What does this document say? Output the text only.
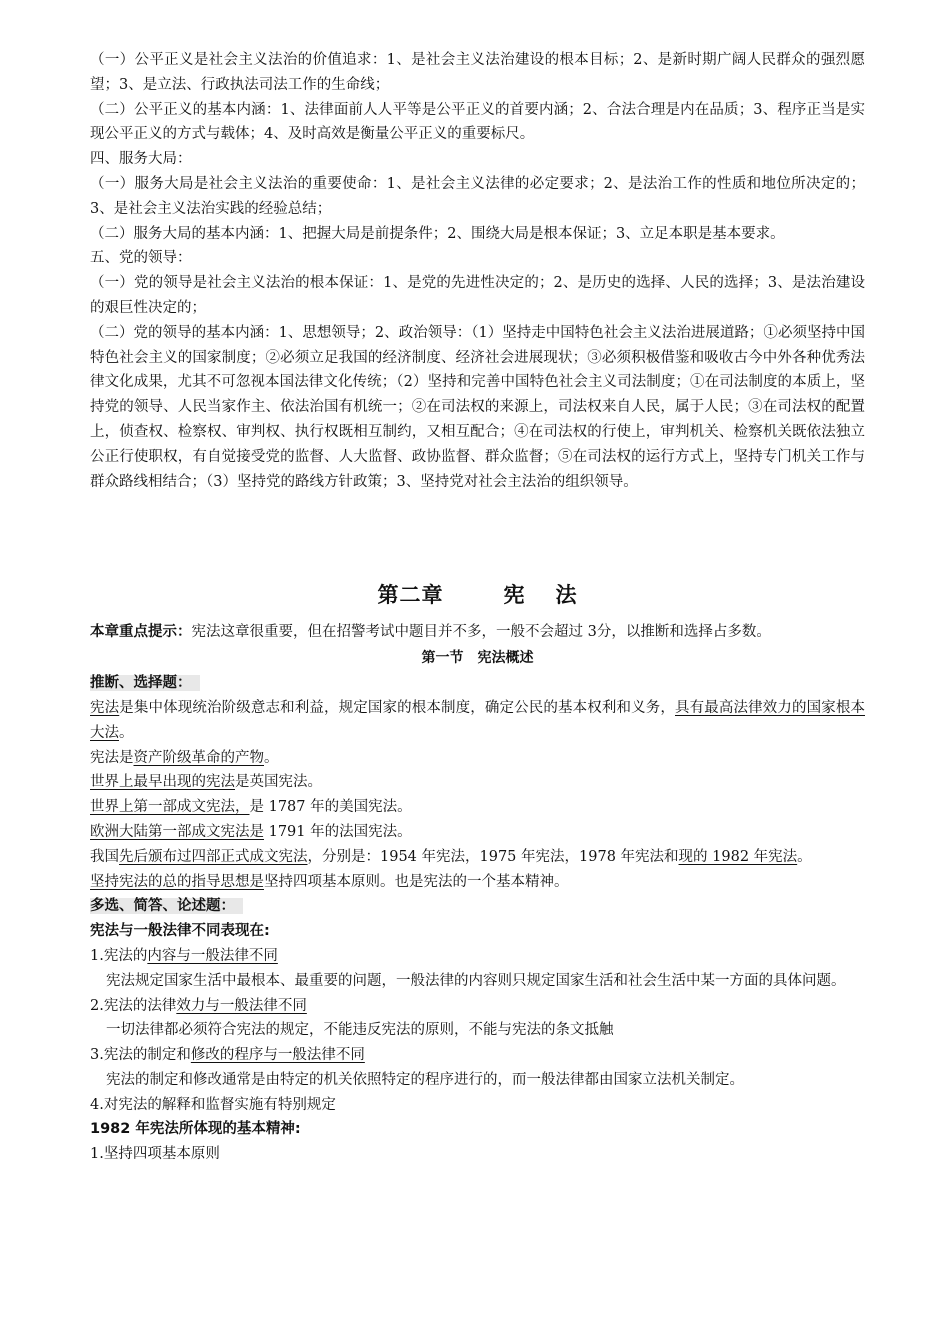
（一）公平正义是社会主义法治的价值追求：1、是社会主义法治建设的根本目标；2、是新时期广阔人民群众的强烈愿望；3、是立法、行政执法司法工作的生命线；

（二）公平正义的基本内涵：1、法律面前人人平等是公平正义的首要内涵；2、合法合理是内在品质；3、程序正当是实现公平正义的方式与载体；4、及时高效是衡量公平正义的重要标尺。

四、服务大局：

（一）服务大局是社会主义法治的重要使命：1、是社会主义法律的必定要求；2、是法治工作的性质和地位所决定的；3、是社会主义法治实践的经验总结；

（二）服务大局的基本内涵：1、把握大局是前提条件；2、围绕大局是根本保证；3、立足本职是基本要求。

五、党的领导：

（一）党的领导是社会主义法治的根本保证：1、是党的先进性决定的；2、是历史的选择、人民的选择；3、是法治建设的艰巨性决定的；

（二）党的领导的基本内涵：1、思想领导；2、政治领导：（1）坚持走中国特色社会主义法治进展道路；①必须坚持中国特色社会主义的国家制度；②必须立足我国的经济制度、经济社会进展现状；③必须积极借鉴和吸收古今中外各种优秀法律文化成果，尤其不可忽视本国法律文化传统；（2）坚持和完善中国特色社会主义司法制度；①在司法制度的本质上，坚持党的领导、人民当家作主、依法治国有机统一；②在司法权的来源上，司法权来自人民，属于人民；③在司法权的配置上，侦查权、检察权、审判权、执行权既相互制约，又相互配合；④在司法权的行使上，审判机关、检察机关既依法独立公正行使职权，有自觉接受党的监督、人大监督、政协监督、群众监督；⑤在司法权的运行方式上，坚持专门机关工作与群众路线相结合；（3）坚持党的路线方针政策；3、坚持党对社会主法治的组织领导。

第二章	宪 法

本章重点提示：宪法这章很重要，但在招警考试中题目并不多，一般不会超过 3分，以推断和选择占多数。

第一节　宪法概述

推断、选择题：

宪法是集中体现统治阶级意志和利益，规定国家的根本制度，确定公民的基本权利和义务，具有最高法律效力的国家根本大法。

宪法是资产阶级革命的产物。

世界上最早出现的宪法是英国宪法。

世界上第一部成文宪法，是 1787 年的美国宪法。

欧洲大陆第一部成文宪法是 1791 年的法国宪法。

我国先后颁布过四部正式成文宪法，分别是：1954 年宪法，1975 年宪法，1978 年宪法和现的 1982 年宪法。

坚持宪法的总的指导思想是坚持四项基本原则。也是宪法的一个基本精神。

多选、简答、论述题：

宪法与一般法律不同表现在:

1.宪法的内容与一般法律不同

宪法规定国家生活中最根本、最重要的问题，一般法律的内容则只规定国家生活和社会生活中某一方面的具体问题。

2.宪法的法律效力与一般法律不同

一切法律都必须符合宪法的规定，不能违反宪法的原则，不能与宪法的条文抵触

3.宪法的制定和修改的程序与一般法律不同

宪法的制定和修改通常是由特定的机关依照特定的程序进行的，而一般法律都由国家立法机关制定。

4.对宪法的解释和监督实施有特别规定

1982 年宪法所体现的基本精神:

1.坚持四项基本原则
